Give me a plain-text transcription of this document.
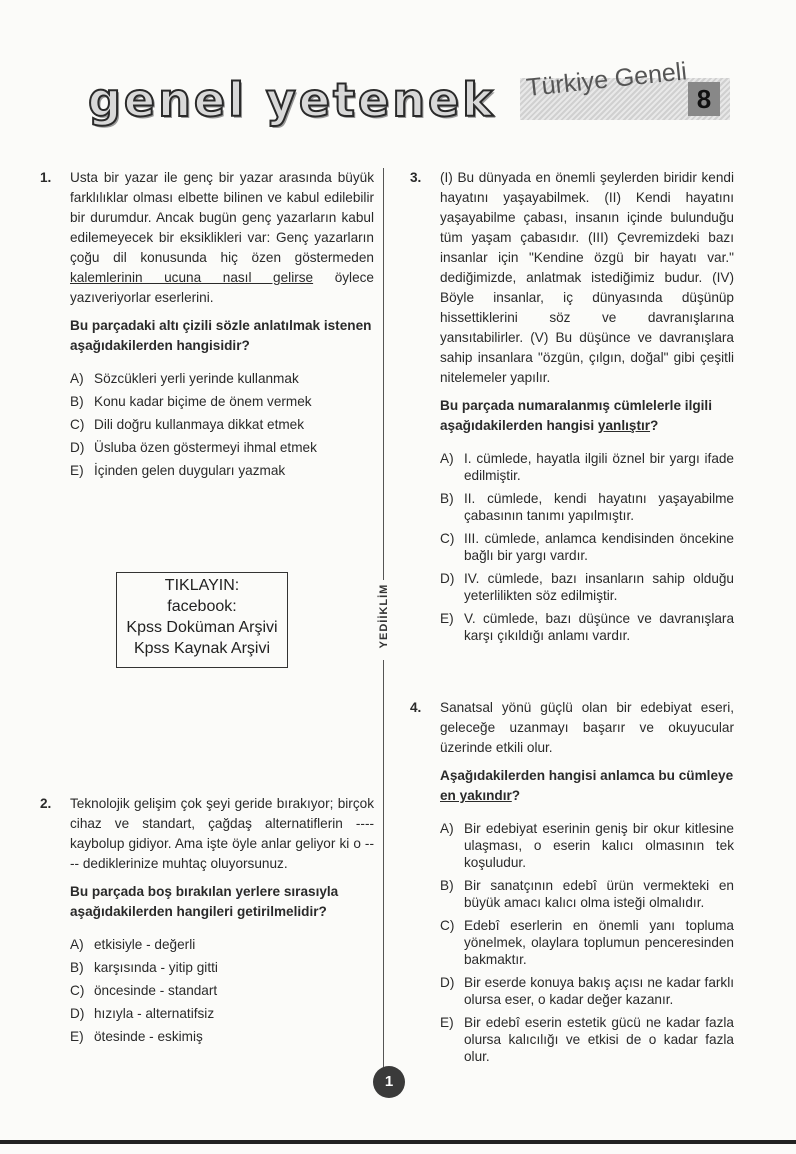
genel yetenek Türkiye Geneli 8
1.	Usta bir yazar ile genç bir yazar arasında büyük farklılıklar olması elbette bilinen ve kabul edilebilir bir durumdur. Ancak bugün genç yazarların kabul edilemeyecek bir eksiklikleri var: Genç yazarların çoğu dil konusunda hiç özen göstermeden kalemlerinin ucuna nasıl gelirse öylece yazıveriyorlar eserlerini.
Bu parçadaki altı çizili sözle anlatılmak istenen aşağıdakilerden hangisidir?
A) Sözcükleri yerli yerinde kullanmak
B) Konu kadar biçime de önem vermek
C) Dili doğru kullanmaya dikkat etmek
D) Üsluba özen göstermeyi ihmal etmek
E) İçinden gelen duyguları yazmak
2.	Teknolojik gelişim çok şeyi geride bırakıyor; birçok cihaz ve standart, çağdaş alternatiflerin ---- kaybolup gidiyor. Ama işte öyle anlar geliyor ki o ---- dediklerinize muhtaç oluyorsunuz.
Bu parçada boş bırakılan yerlere sırasıyla aşağıdakilerden hangileri getirilmelidir?
A) etkisiyle - değerli
B) karşısında - yitip gitti
C) öncesinde - standart
D) hızıyla - alternatifsiz
E) ötesinde - eskimiş
TIKLAYIN:
facebook:
Kpss Doküman Arşivi
Kpss Kaynak Arşivi
YEDİİKLİM
3.	(I) Bu dünyada en önemli şeylerden biridir kendi hayatını yaşayabilmek. (II) Kendi hayatını yaşayabilme çabası, insanın içinde bulunduğu tüm yaşam çabasıdır. (III) Çevremizdeki bazı insanlar için "Kendine özgü bir hayatı var." dediğimizde, anlatmak istediğimiz budur. (IV) Böyle insanlar, iç dünyasında düşünüp hissettiklerini söz ve davranışlarına yansıtabilirler. (V) Bu düşünce ve davranışlara sahip insanlara "özgün, çılgın, doğal" gibi çeşitli nitelemeler yapılır.
Bu parçada numaralanmış cümlelerle ilgili aşağıdakilerden hangisi yanlıştır?
A) I. cümlede, hayatla ilgili öznel bir yargı ifade edilmiştir.
B) II. cümlede, kendi hayatını yaşayabilme çabasının tanımı yapılmıştır.
C) III. cümlede, anlamca kendisinden öncekine bağlı bir yargı vardır.
D) IV. cümlede, bazı insanların sahip olduğu yeterlilikten söz edilmiştir.
E) V. cümlede, bazı düşünce ve davranışlara karşı çıkıldığı anlamı vardır.
4.	Sanatsal yönü güçlü olan bir edebiyat eseri, geleceğe uzanmayı başarır ve okuyucular üzerinde etkili olur.
Aşağıdakilerden hangisi anlamca bu cümleye en yakındır?
A) Bir edebiyat eserinin geniş bir okur kitlesine ulaşması, o eserin kalıcı olmasının tek koşuludur.
B) Bir sanatçının edebî ürün vermekteki en büyük amacı kalıcı olma isteği olmalıdır.
C) Edebî eserlerin en önemli yanı topluma yönelmek, olaylara toplumun penceresinden bakmaktır.
D) Bir eserde konuya bakış açısı ne kadar farklı olursa eser, o kadar değer kazanır.
E) Bir edebî eserin estetik gücü ne kadar fazla olursa kalıcılığı ve etkisi de o kadar fazla olur.
1
